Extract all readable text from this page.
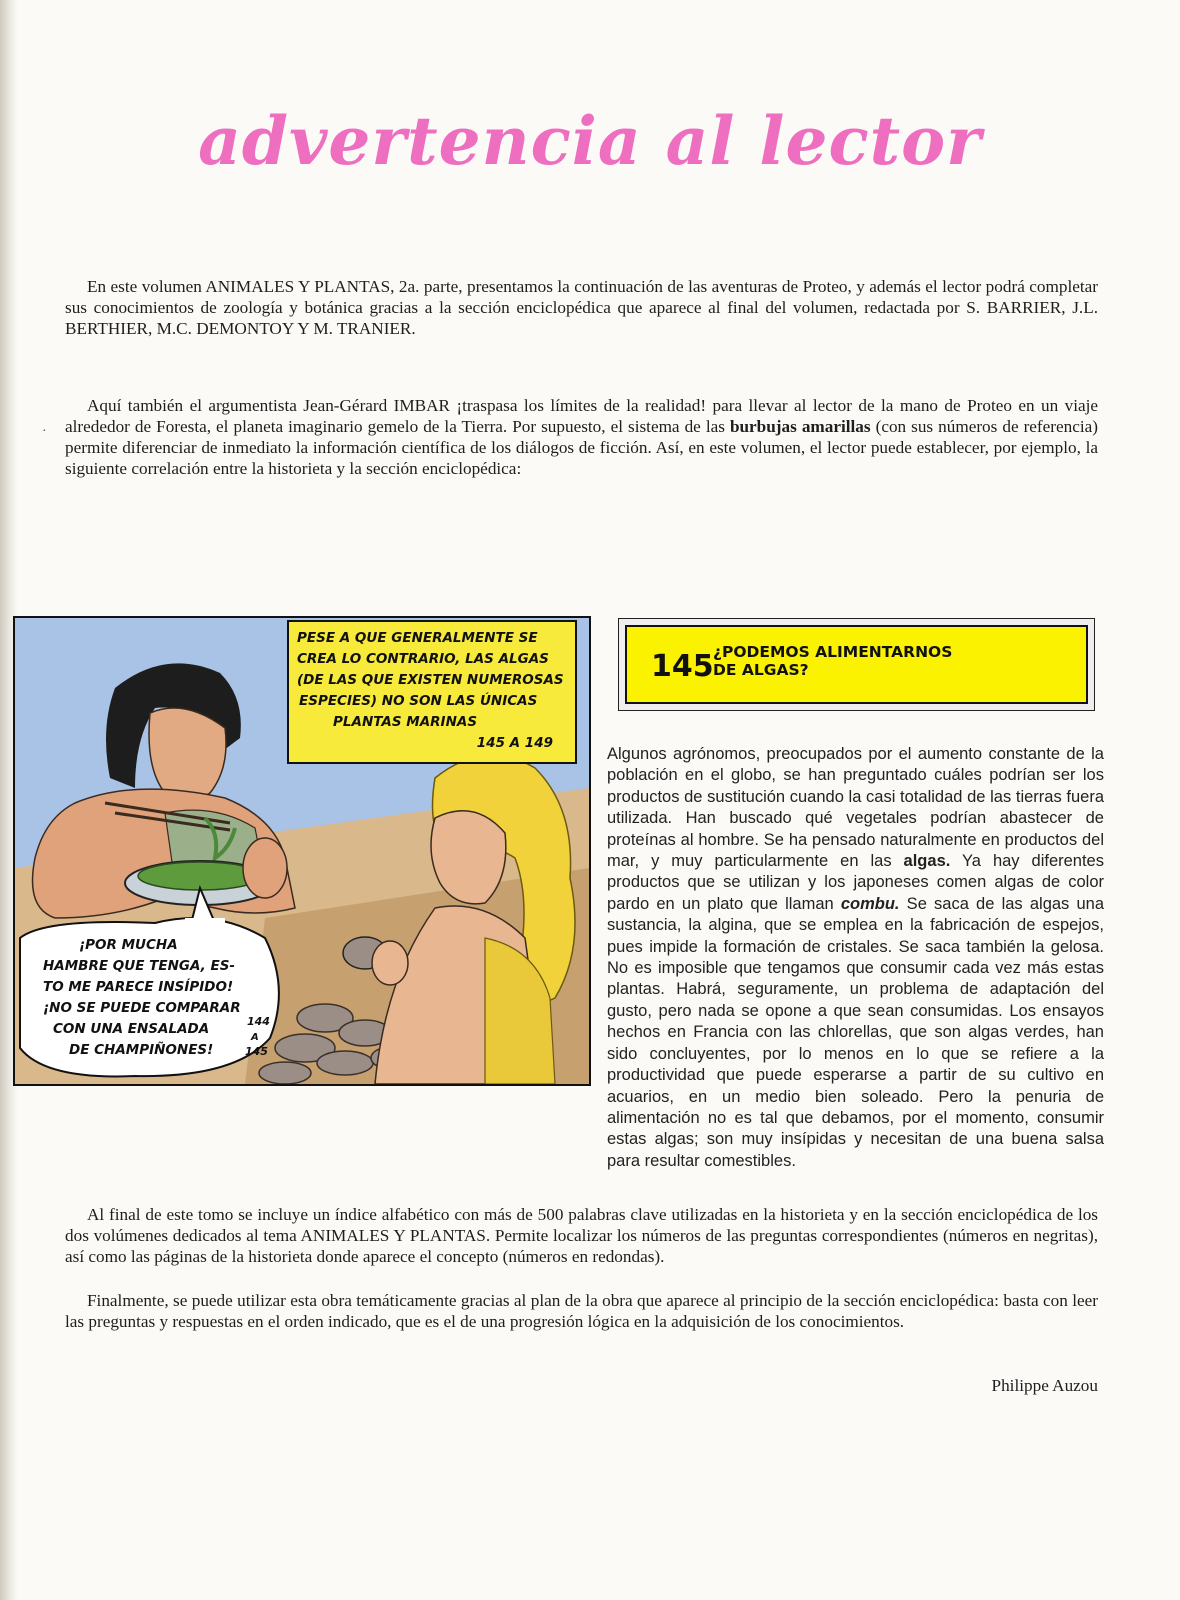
·
advertencia al lector

En este volumen ANIMALES Y PLANTAS, 2a. parte, presentamos la continuación de las aventuras de Proteo, y además el lector podrá completar sus conocimientos de zoología y botánica gracias a la sección enciclopédica que aparece al final del volumen, redactada por S. BARRIER, J.L. BERTHIER, M.C. DEMONTOY Y M. TRANIER.

Aquí también el argumentista Jean-Gérard IMBAR ¡traspasa los límites de la realidad! para llevar al lector de la mano de Proteo en un viaje alrededor de Foresta, el planeta imaginario gemelo de la Tierra. Por supuesto, el sistema de las burbujas amarillas (con sus números de referencia) permite diferenciar de inmediato la información científica de los diálogos de ficción. Así, en este volumen, el lector puede establecer, por ejemplo, la siguiente correlación entre la historieta y la sección enciclopédica:

PESE A QUE GENERALMENTE SE
CREA LO CONTRARIO, LAS ALGAS
(DE LAS QUE EXISTEN NUMEROSAS
ESPECIES) NO SON LAS ÚNICAS
PLANTAS MARINAS
145 A 149
¡POR MUCHA
HAMBRE QUE TENGA, ES-
TO ME PARECE INSÍPIDO!
¡NO SE PUEDE COMPARAR
CON UNA ENSALADA
DE CHAMPIÑONES!
144
A
145
145 ¿PODEMOS ALIMENTARNOS
DE ALGAS?

Algunos agrónomos, preocupados por el aumento constante de la población en el globo, se han preguntado cuáles podrían ser los productos de sustitución cuando la casi totalidad de las tierras fuera utilizada. Han buscado qué vegetales podrían abastecer de proteínas al hombre. Se ha pensado naturalmente en productos del mar, y muy particularmente en las algas. Ya hay diferentes productos que se utilizan y los japoneses comen algas de color pardo en un plato que llaman combu. Se saca de las algas una sustancia, la algina, que se emplea en la fabricación de espejos, pues impide la formación de cristales. Se saca también la gelosa. No es imposible que tengamos que consumir cada vez más estas plantas. Habrá, seguramente, un problema de adaptación del gusto, pero nada se opone a que sean consumidas. Los ensayos hechos en Francia con las chlorellas, que son algas verdes, han sido concluyentes, por lo menos en lo que se refiere a la productividad que puede esperarse a partir de su cultivo en acuarios, en un medio bien soleado. Pero la penuria de alimentación no es tal que debamos, por el momento, consumir estas algas; son muy insípidas y necesitan de una buena salsa para resultar comestibles.

Al final de este tomo se incluye un índice alfabético con más de 500 palabras clave utilizadas en la historieta y en la sección enciclopédica de los dos volúmenes dedicados al tema ANIMALES Y PLANTAS. Permite localizar los números de las preguntas correspondientes (números en negritas), así como las páginas de la historieta donde aparece el concepto (números en redondas).

Finalmente, se puede utilizar esta obra temáticamente gracias al plan de la obra que aparece al principio de la sección enciclopédica: basta con leer las preguntas y respuestas en el orden indicado, que es el de una progresión lógica en la adquisición de los conocimientos.

Philippe Auzou
